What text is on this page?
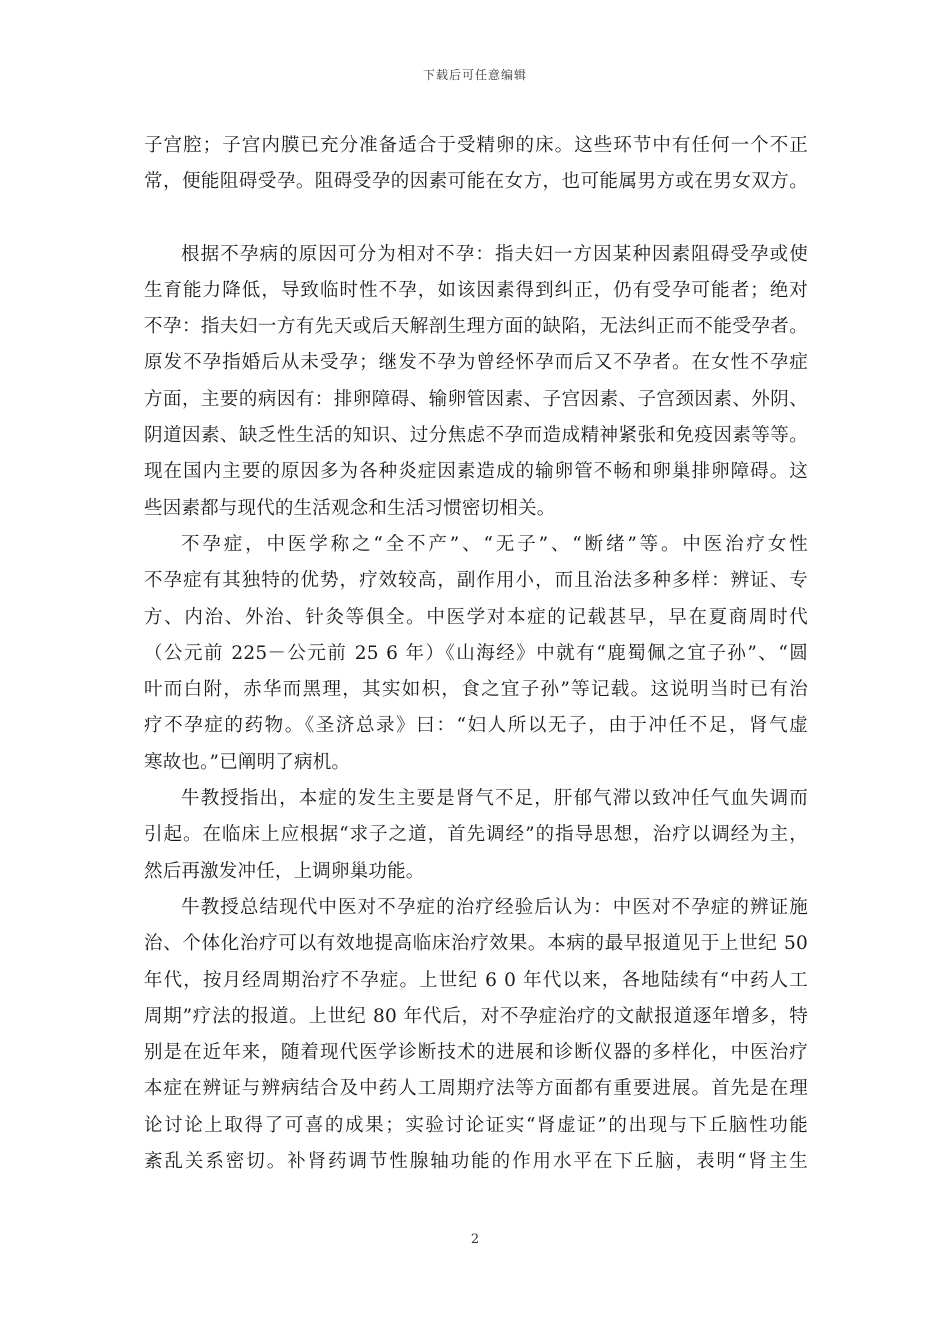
下载后可任意编辑
子宫腔；子宫内膜已充分准备适合于受精卵的床。这些环节中有任何一个不正
常，便能阻碍受孕。阻碍受孕的因素可能在女方，也可能属男方或在男女双方。
根据不孕病的原因可分为相对不孕：指夫妇一方因某种因素阻碍受孕或使
生育能力降低，导致临时性不孕，如该因素得到纠正，仍有受孕可能者；绝对
不孕：指夫妇一方有先天或后天解剖生理方面的缺陷，无法纠正而不能受孕者。
原发不孕指婚后从未受孕；继发不孕为曾经怀孕而后又不孕者。在女性不孕症
方面，主要的病因有：排卵障碍、输卵管因素、子宫因素、子宫颈因素、外阴、
阴道因素、缺乏性生活的知识、过分焦虑不孕而造成精神紧张和免疫因素等等。
现在国内主要的原因多为各种炎症因素造成的输卵管不畅和卵巢排卵障碍。这
些因素都与现代的生活观念和生活习惯密切相关。
不孕症，中医学称之“全不产”、“无子”、“断绪”等。中医治疗女性
不孕症有其独特的优势，疗效较高，副作用小，而且治法多种多样：辨证、专
方、内治、外治、针灸等俱全。中医学对本症的记载甚早，早在夏商周时代
（公元前 225－公元前 25 6 年）《山海经》中就有“鹿蜀佩之宜子孙”、“圆
叶而白附，赤华而黑理，其实如枳，食之宜子孙”等记载。这说明当时已有治
疗不孕症的药物。《圣济总录》曰：“妇人所以无子，由于冲任不足，肾气虚
寒故也。”已阐明了病机。
牛教授指出，本症的发生主要是肾气不足，肝郁气滞以致冲任气血失调而
引起。在临床上应根据“求子之道，首先调经”的指导思想，治疗以调经为主，
然后再激发冲任，上调卵巢功能。
牛教授总结现代中医对不孕症的治疗经验后认为：中医对不孕症的辨证施
治、个体化治疗可以有效地提高临床治疗效果。本病的最早报道见于上世纪 50
年代，按月经周期治疗不孕症。上世纪 6 0 年代以来，各地陆续有“中药人工
周期”疗法的报道。上世纪 80 年代后，对不孕症治疗的文献报道逐年增多，特
别是在近年来，随着现代医学诊断技术的进展和诊断仪器的多样化，中医治疗
本症在辨证与辨病结合及中药人工周期疗法等方面都有重要进展。首先是在理
论讨论上取得了可喜的成果；实验讨论证实“肾虚证”的出现与下丘脑性功能
紊乱关系密切。补肾药调节性腺轴功能的作用水平在下丘脑，表明“肾主生
2
